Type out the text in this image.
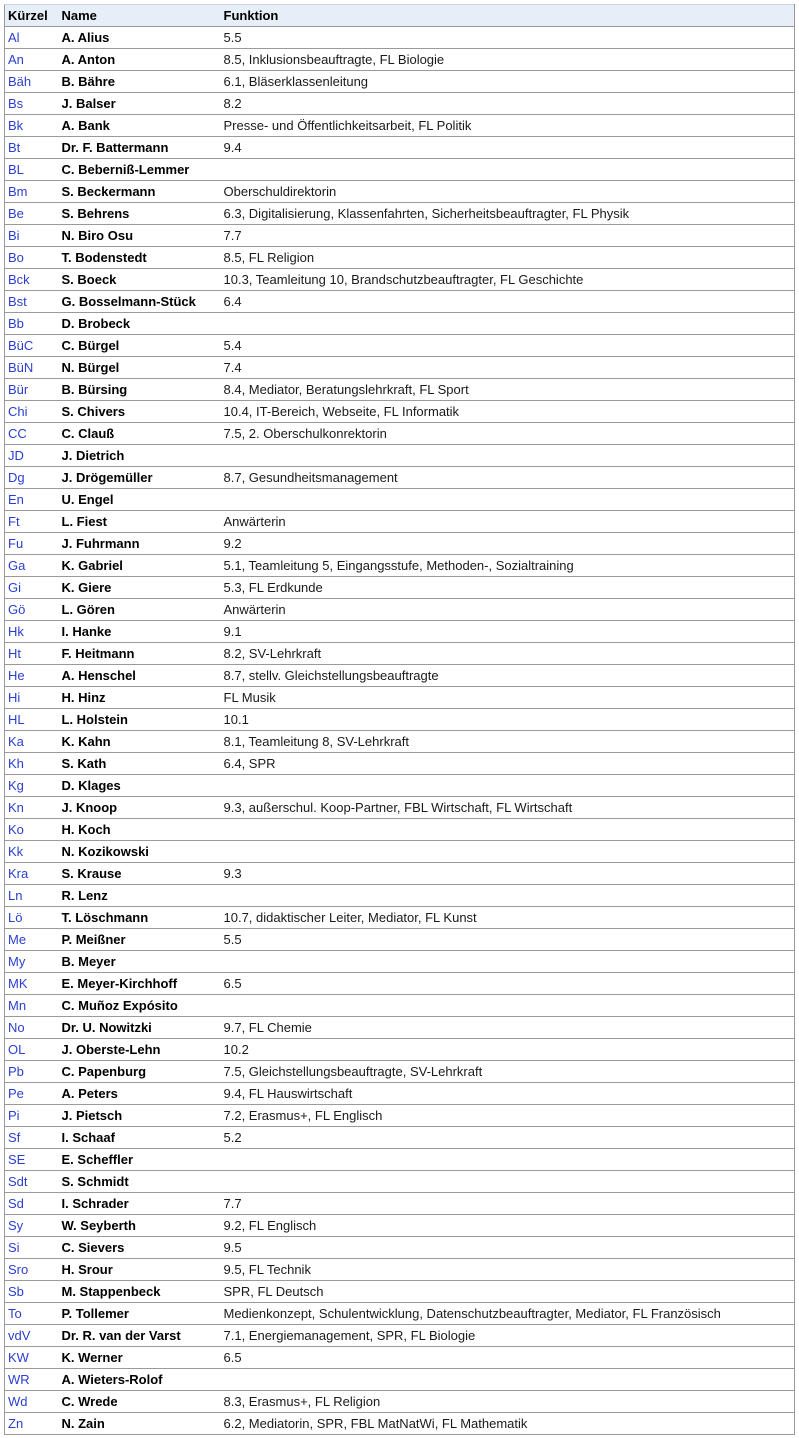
Kürzel	Name	Funktion
Al	A. Alius	5.5
An	A. Anton	8.5, Inklusionsbeauftragte, FL Biologie
Bäh	B. Bähre	6.1, Bläserklassenleitung
Bs	J. Balser	8.2
Bk	A. Bank	Presse- und Öffentlichkeitsarbeit, FL Politik
Bt	Dr. F. Battermann	9.4
BL	C. Beberniß-Lemmer	
Bm	S. Beckermann	Oberschuldirektorin
Be	S. Behrens	6.3, Digitalisierung, Klassenfahrten, Sicherheitsbeauftragter, FL Physik
Bi	N. Biro Osu	7.7
Bo	T. Bodenstedt	8.5, FL Religion
Bck	S. Boeck	10.3, Teamleitung 10, Brandschutzbeauftragter, FL Geschichte
Bst	G. Bosselmann-Stück	6.4
Bb	D. Brobeck	
BüC	C. Bürgel	5.4
BüN	N. Bürgel	7.4
Bür	B. Bürsing	8.4, Mediator, Beratungslehrkraft, FL Sport
Chi	S. Chivers	10.4, IT-Bereich, Webseite, FL Informatik
CC	C. Clauß	7.5, 2. Oberschulkonrektorin
JD	J. Dietrich	
Dg	J. Drögemüller	8.7, Gesundheitsmanagement
En	U. Engel	
Ft	L. Fiest	Anwärterin
Fu	J. Fuhrmann	9.2
Ga	K. Gabriel	5.1, Teamleitung 5, Eingangsstufe, Methoden-, Sozialtraining
Gi	K. Giere	5.3, FL Erdkunde
Gö	L. Gören	Anwärterin
Hk	I. Hanke	9.1
Ht	F. Heitmann	8.2, SV-Lehrkraft
He	A. Henschel	8.7, stellv. Gleichstellungsbeauftragte
Hi	H. Hinz	FL Musik
HL	L. Holstein	10.1
Ka	K. Kahn	8.1, Teamleitung 8, SV-Lehrkraft
Kh	S. Kath	6.4, SPR
Kg	D. Klages	
Kn	J. Knoop	9.3, außerschul. Koop-Partner, FBL Wirtschaft, FL Wirtschaft
Ko	H. Koch	
Kk	N. Kozikowski	
Kra	S. Krause	9.3
Ln	R. Lenz	
Lö	T. Löschmann	10.7, didaktischer Leiter, Mediator, FL Kunst
Me	P. Meißner	5.5
My	B. Meyer	
MK	E. Meyer-Kirchhoff	6.5
Mn	C. Muñoz Expósito	
No	Dr. U. Nowitzki	9.7, FL Chemie
OL	J. Oberste-Lehn	10.2
Pb	C. Papenburg	7.5, Gleichstellungsbeauftragte, SV-Lehrkraft
Pe	A. Peters	9.4, FL Hauswirtschaft
Pi	J. Pietsch	7.2, Erasmus+, FL Englisch
Sf	I. Schaaf	5.2
SE	E. Scheffler	
Sdt	S. Schmidt	
Sd	I. Schrader	7.7
Sy	W. Seyberth	9.2, FL Englisch
Si	C. Sievers	9.5
Sro	H. Srour	9.5, FL Technik
Sb	M. Stappenbeck	SPR, FL Deutsch
To	P. Tollemer	Medienkonzept, Schulentwicklung, Datenschutzbeauftragter, Mediator, FL Französisch
vdV	Dr. R. van der Varst	7.1, Energiemanagement, SPR, FL Biologie
KW	K. Werner	6.5
WR	A. Wieters-Rolof	
Wd	C. Wrede	8.3, Erasmus+, FL Religion
Zn	N. Zain	6.2, Mediatorin, SPR, FBL MatNatWi, FL Mathematik
